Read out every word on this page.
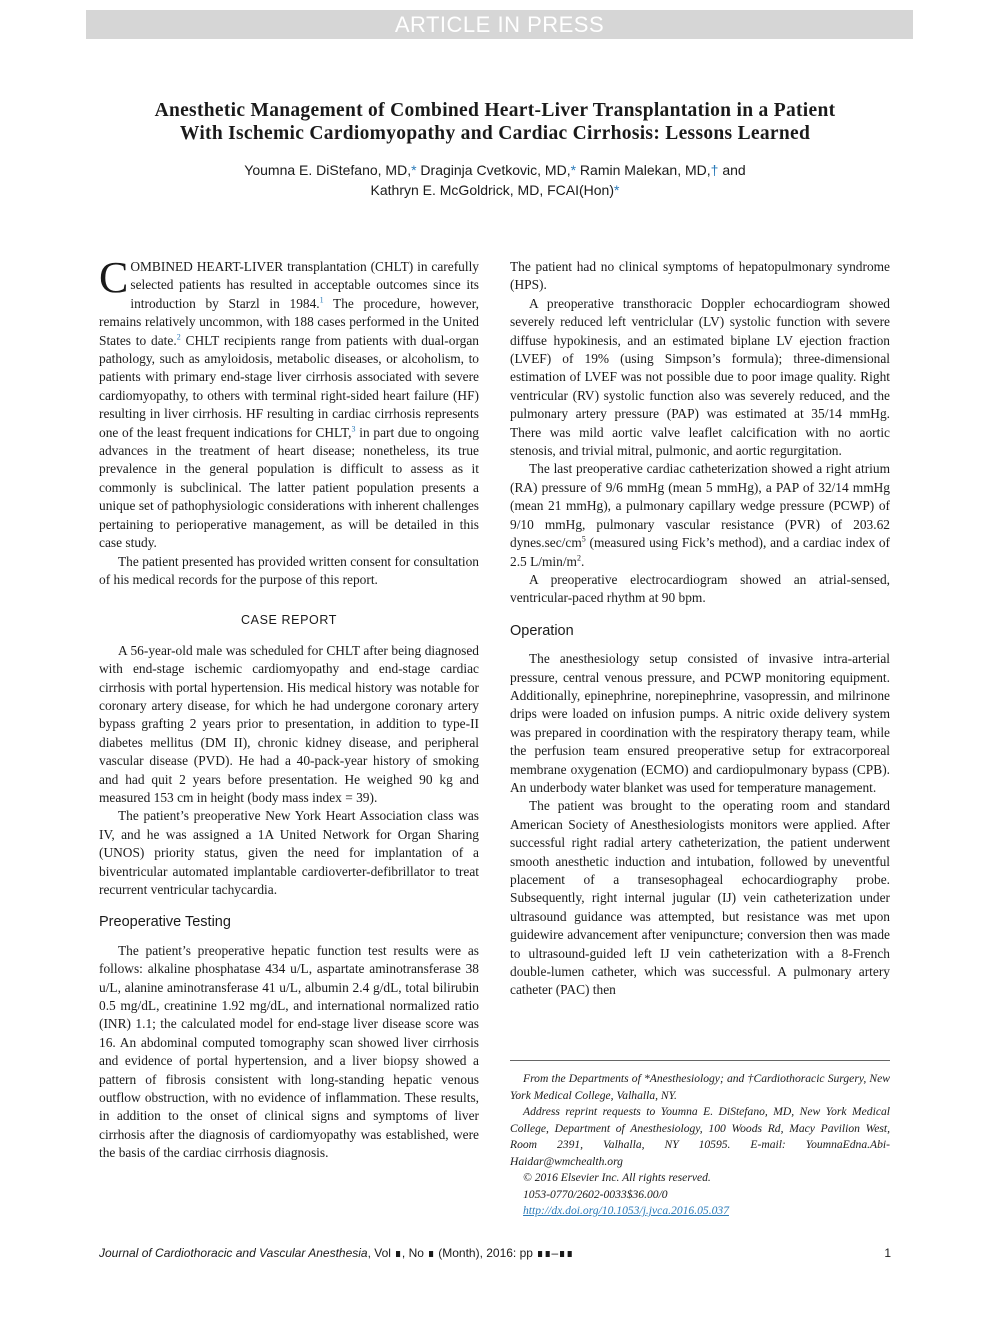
ARTICLE IN PRESS
Anesthetic Management of Combined Heart-Liver Transplantation in a Patient
With Ischemic Cardiomyopathy and Cardiac Cirrhosis: Lessons Learned
Youmna E. DiStefano, MD,* Draginja Cvetkovic, MD,* Ramin Malekan, MD,† and
Kathryn E. McGoldrick, MD, FCAI(Hon)*

COMBINED HEART-LIVER transplantation (CHLT) in carefully selected patients has resulted in acceptable outcomes since its introduction by Starzl in 1984.$^1$ The procedure, however, remains relatively uncommon, with 188 cases performed in the United States to date.$^2$ CHLT recipients range from patients with dual-organ pathology, such as amyloidosis, metabolic diseases, or alcoholism, to patients with primary end-stage liver cirrhosis associated with severe cardiomyopathy, to others with terminal right-sided heart failure (HF) resulting in liver cirrhosis. HF resulting in cardiac cirrhosis represents one of the least frequent indications for CHLT,$^3$ in part due to ongoing advances in the treatment of heart disease; nonetheless, its true prevalence in the general population is difficult to assess as it commonly is subclinical. The latter patient population presents a unique set of pathophysiologic considerations with inherent challenges pertaining to perioperative management, as will be detailed in this case study.

The patient presented has provided written consent for consultation of his medical records for the purpose of this report.

CASE REPORT

A 56-year-old male was scheduled for CHLT after being diagnosed with end-stage ischemic cardiomyopathy and end-stage cardiac cirrhosis with portal hypertension. His medical history was notable for coronary artery disease, for which he had undergone coronary artery bypass grafting 2 years prior to presentation, in addition to type-II diabetes mellitus (DM II), chronic kidney disease, and peripheral vascular disease (PVD). He had a 40-pack-year history of smoking and had quit 2 years before presentation. He weighed 90 kg and measured 153 cm in height (body mass index = 39).

The patient’s preoperative New York Heart Association class was IV, and he was assigned a 1A United Network for Organ Sharing (UNOS) priority status, given the need for implantation of a biventricular automated implantable cardioverter-defibrillator to treat recurrent ventricular tachycardia.

Preoperative Testing

The patient’s preoperative hepatic function test results were as follows: alkaline phosphatase 434 u/L, aspartate aminotransferase 38 u/L, alanine aminotransferase 41 u/L, albumin 2.4 g/dL, total bilirubin 0.5 mg/dL, creatinine 1.92 mg/dL, and international normalized ratio (INR) 1.1; the calculated model for end-stage liver disease score was 16. An abdominal computed tomography scan showed liver cirrhosis and evidence of portal hypertension, and a liver biopsy showed a pattern of fibrosis consistent with long-standing hepatic venous outflow obstruction, with no evidence of inflammation. These results, in addition to the onset of clinical signs and symptoms of liver cirrhosis after the diagnosis of cardiomyopathy was established, were the basis of the cardiac cirrhosis diagnosis.

The patient had no clinical symptoms of hepatopulmonary syndrome (HPS).

A preoperative transthoracic Doppler echocardiogram showed severely reduced left ventriclular (LV) systolic function with severe diffuse hypokinesis, and an estimated biplane LV ejection fraction (LVEF) of 19% (using Simpson’s formula); three-dimensional estimation of LVEF was not possible due to poor image quality. Right ventricular (RV) systolic function also was severely reduced, and the pulmonary artery pressure (PAP) was estimated at 35/14 mmHg. There was mild aortic valve leaflet calcification with no aortic stenosis, and trivial mitral, pulmonic, and aortic regurgitation.

The last preoperative cardiac catheterization showed a right atrium (RA) pressure of 9/6 mmHg (mean 5 mmHg), a PAP of 32/14 mmHg (mean 21 mmHg), a pulmonary capillary wedge pressure (PCWP) of 9/10 mmHg, pulmonary vascular resistance (PVR) of 203.62 $dynes.\sec/cm^5$ (measured using Fick’s method), and a cardiac index of 2.5 $L/\min/m^2$.

A preoperative electrocardiogram showed an atrial-sensed, ventricular-paced rhythm at 90 bpm.

Operation

The anesthesiology setup consisted of invasive intra-arterial pressure, central venous pressure, and PCWP monitoring equipment. Additionally, epinephrine, norepinephrine, vasopressin, and milrinone drips were loaded on infusion pumps. A nitric oxide delivery system was prepared in coordination with the respiratory therapy team, while the perfusion team ensured preoperative setup for extracorporeal membrane oxygenation (ECMO) and cardiopulmonary bypass (CPB). An underbody water blanket was used for temperature management.

The patient was brought to the operating room and standard American Society of Anesthesiologists monitors were applied. After successful right radial artery catheterization, the patient underwent smooth anesthetic induction and intubation, followed by uneventful placement of a transesophageal echocardiography probe. Subsequently, right internal jugular (IJ) vein catheterization under ultrasound guidance was attempted, but resistance was met upon guidewire advancement after venipuncture; conversion then was made to ultrasound-guided left IJ vein catheterization with a 8-French double-lumen catheter, which was successful. A pulmonary artery catheter (PAC) then

From the Departments of *Anesthesiology; and †Cardiothoracic Surgery, New York Medical College, Valhalla, NY.

Address reprint requests to Youmna E. DiStefano, MD, New York Medical College, Department of Anesthesiology, 100 Woods Rd, Macy Pavilion West, Room 2391, Valhalla, NY 10595. E-mail: YoumnaEdna.Abi-Haidar@wmchealth.org

© 2016 Elsevier Inc. All rights reserved.

1053-0770/2602-0033$36.00/0

http://dx.doi.org/10.1053/j.jvca.2016.05.037

Journal of Cardiothoracic and Vascular Anesthesia, Vol ∎, No ∎ (Month), 2016: pp ∎∎–∎∎	1
